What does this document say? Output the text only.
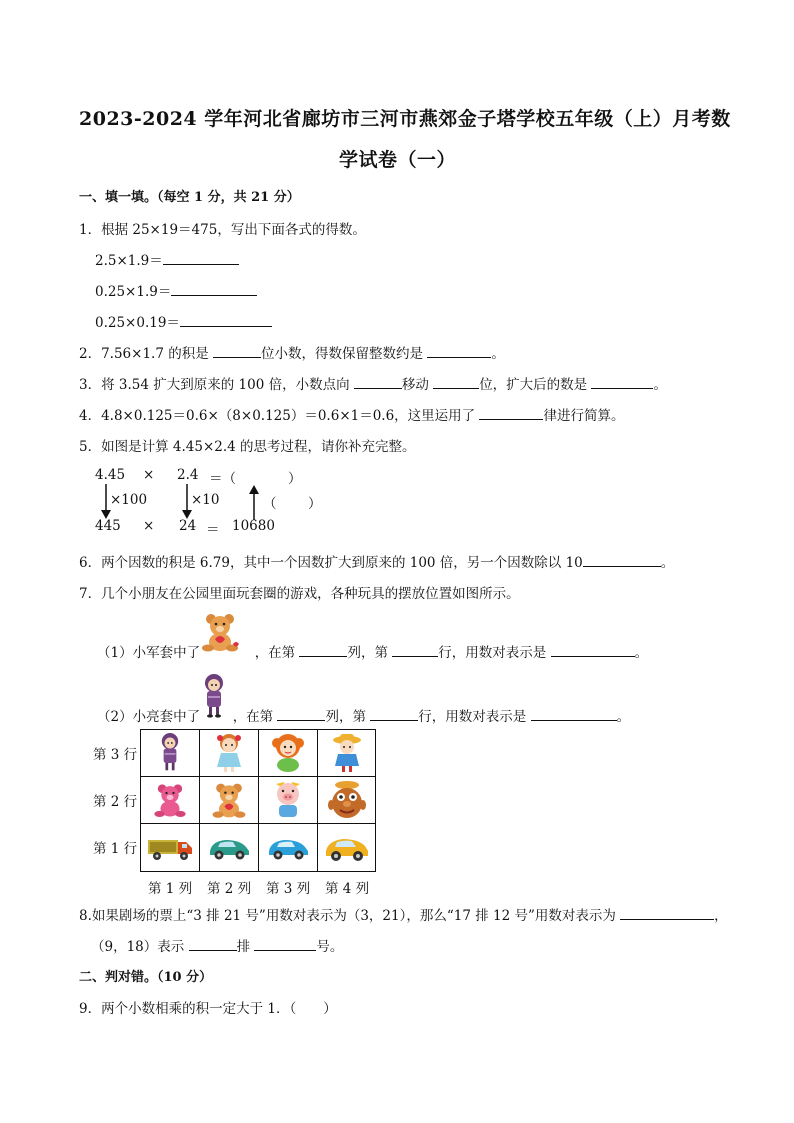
2023-2024 学年河北省廊坊市三河市燕郊金子塔学校五年级（上）月考数
学试卷（一）
一、填一填。（每空 1 分，共 21 分）
1．根据 25×19＝475，写出下面各式的得数。
2.5×1.9＝
0.25×1.9＝
0.25×0.19＝
2．7.56×1.7 的积是	位小数，得数保留整数约是	。
3．将 3.54 扩大到原来的 100 倍，小数点向	移动	位，扩大后的数是	。
4．4.8×0.125＝0.6×（8×0.125）＝0.6×1＝0.6，这里运用了	律进行简算。
5．如图是计算 4.45×2.4 的思考过程，请你补充完整。
4.45 × 2.4 ＝（	）
×100	×10	（ ）
445 × 24 ＝ 10680
6．两个因数的积是 6.79，其中一个因数扩大到原来的 100 倍，另一个因数除以 10	。
7．几个小朋友在公园里面玩套圈的游戏，各种玩具的摆放位置如图所示。
（1）小军套中了	，在第	列，第	行，用数对表示是	。
（2）小亮套中了 ，在第	列，第	行，用数对表示是	。
第 3 行
第 2 行
第 1 行
第 1 列 第 2 列 第 3 列 第 4 列
8.如果剧场的票上“3 排 21 号”用数对表示为（3，21），那么“17 排 12 号”用数对表示为	，
（9，18）表示	排	号。
二、判对错。（10 分）
9．两个小数相乘的积一定大于 1．（　　）
